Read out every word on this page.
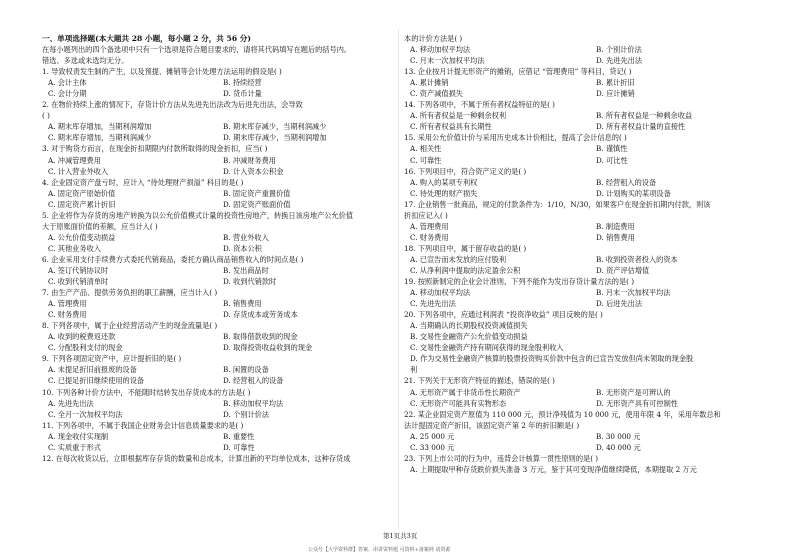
一、单项选择题(本大题共 28 小题，每小题 2 分，共 56 分)
在每小题列出的四个备选项中只有一个选项是符合题目要求的，请将其代码填写在题后的括号内。
错选、多选或未选均无分。
1. 导致权责发生制的产生，以及预提、摊销等会计处理方法运用的假设是( )
A. 会计主体	B. 持续经营
C. 会计分期	D. 货币计量
2. 在物价持续上涨的情况下，存货计价方法从先进先出法改为后进先出法，会导致
( )
A. 期末库存增加，当期利润增加	B. 期末库存减少，当期利润减少
C. 期末库存增加，当期利润减少	D. 期末库存减少，当期利润增加
3. 对于购货方而言，在现金折扣期限内付款所取得的现金折扣，应当( )
A. 冲减管理费用	B. 冲减财务费用
C. 计入营业外收入	D. 计入资本公积金
4. 企业固定资产盘亏时，应计入 “待处理财产损溢” 科目的是( )
A. 固定资产原始价值	B. 固定资产重置价值
C. 固定资产累计折旧	D. 固定资产账面价值
5. 企业将作为存货的房地产转换为以公允价值模式计量的投资性房地产，转换日该房地产公允价值
大于原账面价值的差额，应当计入( )
A. 公允价值变动损益	B. 营业外收入
C. 其他业务收入	D. 资本公积
6. 企业采用支付手续费方式委托代销商品，委托方确认商品销售收入的时间点是( )
A. 签订代销协议时	B. 发出商品时
C. 收到代销清单时	D. 收到代销款时
7. 由生产产品、提供劳务负担的职工薪酬，应当计入( )
A. 管理费用	B. 销售费用
C. 财务费用	D. 存货成本或劳务成本
8. 下列各项中，属于企业经营活动产生的现金流量是( )
A. 收到的税费返还款	B. 取得借款收到的现金
C. 分配股利支付的现金	D. 取得投资收益收到的现金
9. 下列各项固定资产中，应计提折旧的是( )
A. 未提足折旧前报废的设备	B. 闲置的设备
C. 已提足折旧继续使用的设备	D. 经营租入的设备
10. 下列各种计价方法中，不能随时结转发出存货成本的方法是( )
A. 先进先出法	B. 移动加权平均法
C. 全月一次加权平均法	D. 个别计价法
11. 下列各项中，不属于我国企业财务会计信息质量要求的是( )
A. 现金收付实现制	B. 重要性
C. 实质重于形式	D. 可靠性
12. 在每次收货以后，立即根据库存存货的数量和总成本，计算出新的平均单位成本，这种存货成
本的计价方法是( )
A. 移动加权平均法	B. 个别计价法
C. 月末一次加权平均法	D. 先进先出法
13. 企业按月计提无形资产的摊销，应借记 “管理费用” 等科目，贷记( )
A. 累计摊销	B. 累计折旧
C. 资产减值损失	D. 应计摊销
14. 下列各项中，不属于所有者权益特征的是( )
A. 所有者权益是一种剩余权利	B. 所有者权益是一种剩余收益
C. 所有者权益具有长期性	D. 所有者权益计量的直接性
15. 采用公允价值计价与采用历史成本计价相比，提高了会计信息的( )
A. 相关性	B. 谨慎性
C. 可靠性	D. 可比性
16. 下列项目中，符合资产定义的是( )
A. 购入的某项专利权	B. 经营租入的设备
C. 待处理的财产损失	D. 计划购买的某项设备
17. 企业销售一批商品，规定的付款条件为：1/10，N/30，如果客户在现金折扣期内付款，则该
折扣应记入( )
A. 管理费用	B. 制造费用
C. 财务费用	D. 销售费用
18. 下列项目中，属于留存收益的是( )
A. 已宣告而未发放的应付股利	B. 收到投资者投入的资本
C. 从净利润中提取的法定盈余公积	D. 资产评估增值
19. 按照新制定的企业会计准则，下列不能作为发出存货计量方法的是( )
A. 移动加权平均法	B. 月末一次加权平均法
C. 先进先出法	D. 后进先出法
20. 下列各项中，应通过利润表 “投资净收益” 项目反映的是( )
A. 当期确认的长期股权投资减值损失
B. 交易性金融资产公允价值变动损益
C. 交易性金融资产持有期间获得的现金股利收入
D. 作为交易性金融资产核算的股票投资购买价款中包含的已宣告发放但尚未领取的现金股
利
21. 下列关于无形资产特征的描述，错误的是( )
A. 无形资产属于非货币性长期资产	B. 无形资产是可辨认的
C. 无形资产可能具有实物形态	D. 无形资产具有可控制性
22. 某企业固定资产原值为 110 000 元，预计净残值为 10 000 元，使用年限 4 年，采用年数总和
法计提固定资产折旧，该固定资产第 2 年的折旧额是( )
A. 25 000 元	B. 30 000 元
C. 33 000 元	D. 40 000 元
23. 下列上市公司的行为中，违背会计核算一贯性原则的是( )
A. 上期提取甲种存货跌价损失准备 3 万元，鉴于其可变现净值继续降低，本期提取 2 万元
第1页共3页
公众号【大学资料群】答案、串讲资料题 可资料+备案网 请资源
